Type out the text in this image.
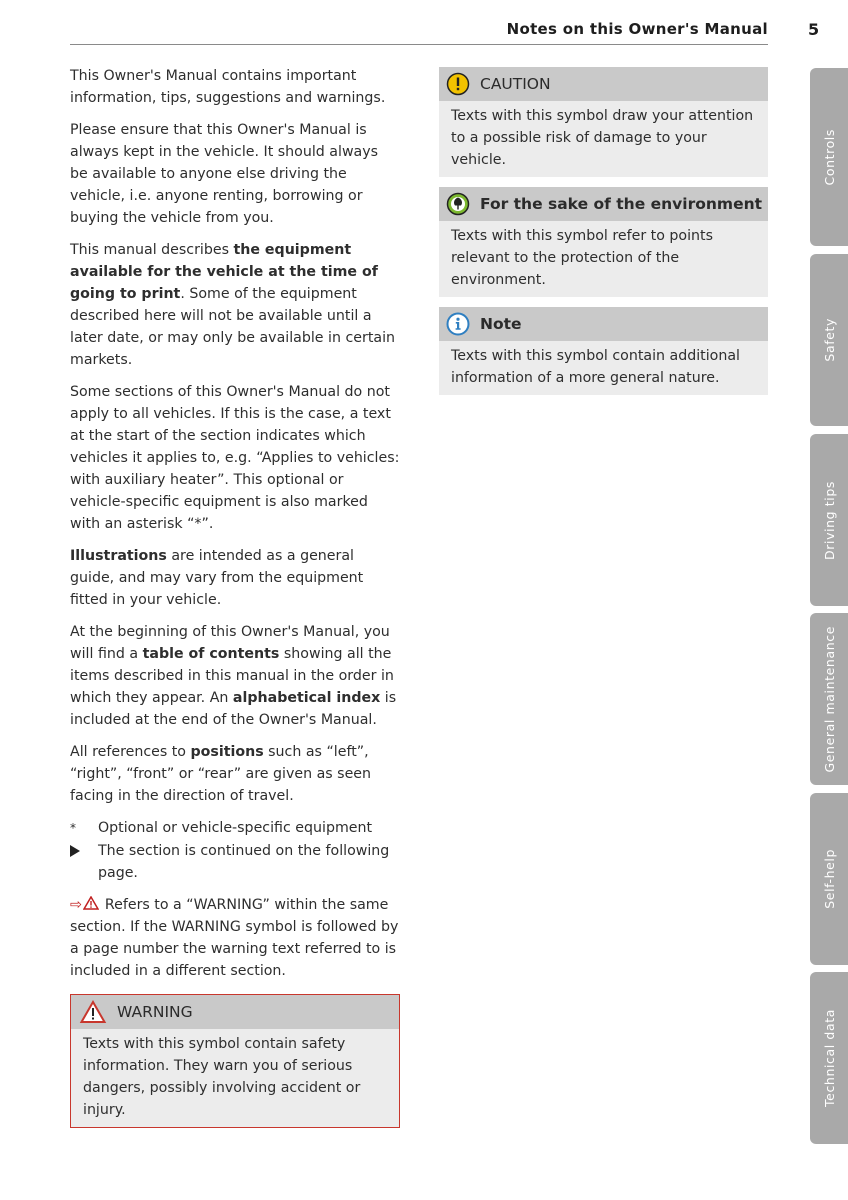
Notes on this Owner's Manual	5

This Owner's Manual contains important information, tips, suggestions and warnings.

Please ensure that this Owner's Manual is always kept in the vehicle. It should always be available to anyone else driving the vehicle, i.e. anyone renting, borrowing or buying the vehicle from you.

This manual describes the equipment available for the vehicle at the time of going to print. Some of the equipment described here will not be available until a later date, or may only be available in certain markets.

Some sections of this Owner's Manual do not apply to all vehicles. If this is the case, a text at the start of the section indicates which vehicles it applies to, e.g. “Applies to vehicles: with auxiliary heater”. This optional or vehicle-specific equipment is also marked with an asterisk “*”.

Illustrations are intended as a general guide, and may vary from the equipment fitted in your vehicle.

At the beginning of this Owner's Manual, you will find a table of contents showing all the items described in this manual in the order in which they appear. An alphabetical index is included at the end of the Owner's Manual.

All references to positions such as “left”, “right”, “front” or “rear” are given as seen facing in the direction of travel.

*	Optional or vehicle-specific equipment
The section is continued on the following page.

⇨ Refers to a “WARNING” within the same section. If the WARNING symbol is followed by a page number the warning text referred to is included in a different section.

WARNING
Texts with this symbol contain safety information. They warn you of serious dangers, possibly involving accident or injury.
CAUTION
Texts with this symbol draw your attention to a possible risk of damage to your vehicle.
For the sake of the environment
Texts with this symbol refer to points relevant to the protection of the environment.
Note
Texts with this symbol contain additional information of a more general nature.
Controls
Safety
Driving tips
General maintenance
Self-help
Technical data
